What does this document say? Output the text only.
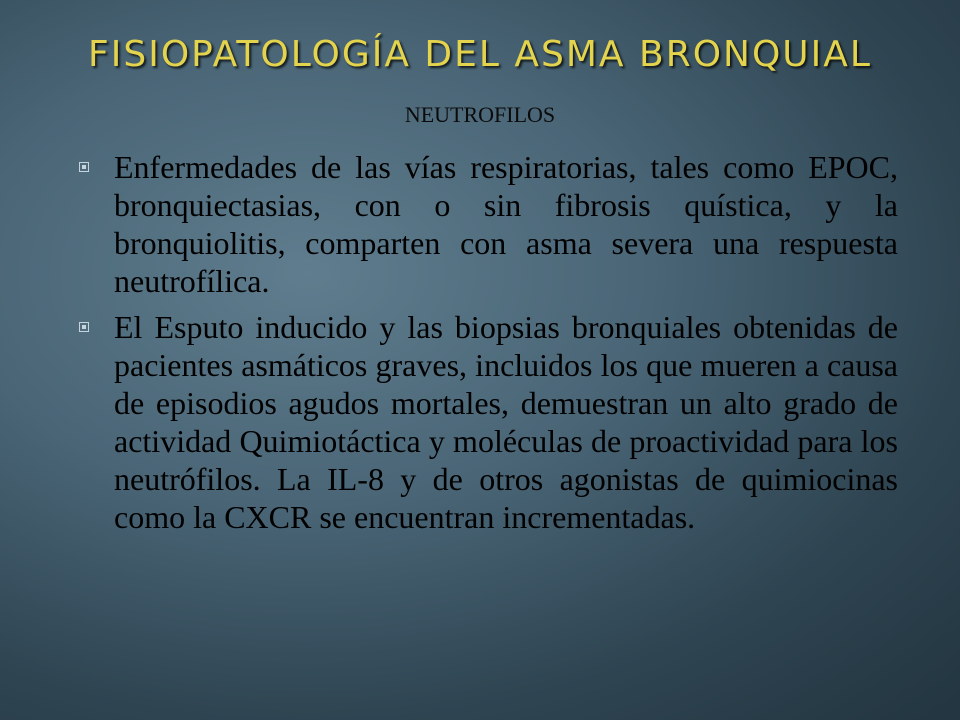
FISIOPATOLOGÍA DEL ASMA BRONQUIAL

NEUTROFILOS

Enfermedades de las vías respiratorias, tales como EPOC, bronquiectasias, con o sin fibrosis quística, y la bronquiolitis, comparten con asma severa una respuesta neutrofílica.
El Esputo inducido y las biopsias bronquiales obtenidas de pacientes asmáticos graves, incluidos los que mueren a causa de episodios agudos mortales, demuestran un alto grado de actividad Quimiotáctica y moléculas de proactividad para los neutrófilos. La IL-8 y de otros agonistas de quimiocinas como la CXCR se encuentran incrementadas.
